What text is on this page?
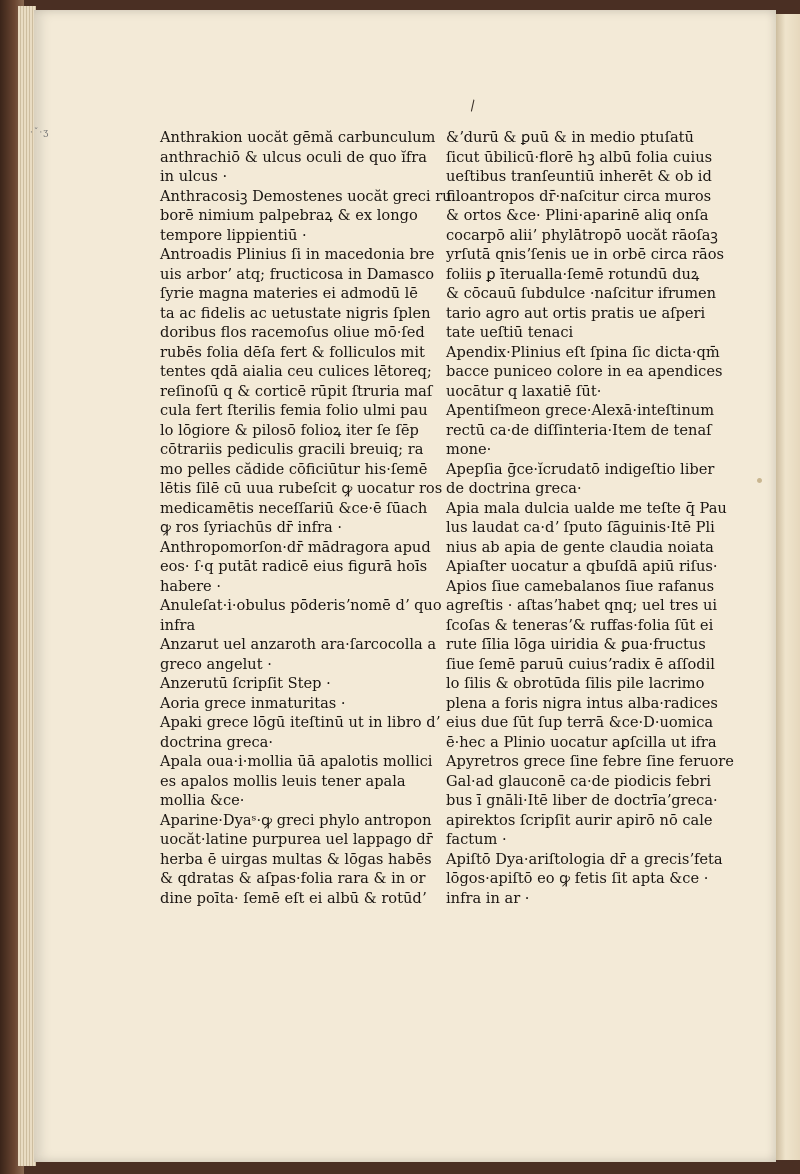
·ˇ·ʒ
\
Anthrakion uocăt gēmă carbunculum
anthrachiō & ulcus oculi de quo ĭfra
in ulcus ·
Anthracosiꝫ Demostenes uocăt greci ru
borē nimium palpebraꝝ & ex longo
tempore lippientiū ·
Antroadis Plinius ſi in macedonia bre
uis arborʼ atq; fructicosa in Damasco
ſyrie magna materies ei admodū lē
ta ac fidelis ac uetustate nigris ſplen
doribus flos racemoſus oliue mō·ſed
rubēs folia dēſa fert & folliculos mit
tentes qdā aialia ceu culices lētoreq;
reſinoſū q & corticē rūpit ſtruria maſ
cula fert ſterilis femia folio ulmi pau
lo lōgiore & pilosō folioꝝ iter ſe ſēp
cōtrariis pediculis gracili breuiq; ra
mo pelles cădide cōficiūtur his·ſemē
lētis ſilē cū uua rubeſcit ꝙ uocatur ros
medicamētis neceſſariū &ce·ē ſūach
ꝙ ros ſyriachūs dr̄ infra ·
Anthropomorſon·dr̄ mādragora apud
eos· ſ·q putāt radicē eius figurā hoīs
habere ·
Anuleſat·i·obulus pōderisʼnomē dʼ quo
infra
Anzarut uel anzaroth ara·ſarcocolla a
greco angelut ·
Anzerutū ſcripſit Step ·
Aoria grece inmaturitas ·
Apaki grece lōgū iteſtinū ut in libro dʼ
doctrina greca·
Apala oua·i·mollia ūā apalotis mollici
es apalos mollis leuis tener apala
mollia &ce·
Aparine·Dyaˢ·ꝙ greci phylo antropon
uocăt·latine purpurea uel lappago dr̄
herba ē uirgas multas & lōgas habēs
& qdratas & aſpas·folia rara & in or
dine poīta· ſemē eſt ei albū & rotūdʼ
&ʼdurū & ꝑuū & in medio ptuſatū
ſicut ūbilicū·florē hꝫ albū folia cuius
ueſtibus tranſeuntiū inherēt & ob id
filoantropos dr̄·naſcitur circa muros
& ortos &ce· Plini·aparinē aliq onſa
cocarpō aliiʼ phylātropō uocăt rāoſaꝫ
yrſutā qnisʼſenis ue in orbē circa rāos
foliis ꝑ īterualla·ſemē rotundū duꝝ
& cōcauū ſubdulce ·naſcitur ifrumen
tario agro aut ortis pratis ue aſperi
tate ueſtiū tenaci
Apendix·Plinius eſt ſpina ſic dicta·qm̄
bacce puniceo colore in ea apendices
uocātur q laxatiē ſūt·
Apentiſmeon grece·Alexā·inteſtinum
rectū ca·de diſſinteria·Item de tenaſ
mone·
Apepſia ḡce·ĭcrudatō indigeſtio liber
de doctrina greca·
Apia mala dulcia ualde me teſte q̄ Pau
lus laudat ca·dʼ ſputo ſāguinis·Itē Pli
nius ab apia de gente claudia noiata
Apiaſter uocatur a qbuſdā apiū riſus·
Apios ſiue camebalanos ſiue rafanus
agreſtis · aſtasʼhabet qnq; uel tres ui
ſcoſas & tenerasʼ& ruffas·folia ſūt ei
rute ſīlia lōga uiridia & ꝑua·fructus
ſiue ſemē paruū cuiusʼradix ē aſſodil
lo ſilis & obrotūda ſilis pile lacrimo
plena a foris nigra intus alba·radices
eius due ſūt ſup terrā &ce·D·uomica
ē·hec a Plinio uocatur aꝑſcilla ut ifra
Apyretros grece ſine febre ſine feruore
Gal·ad glauconē ca·de piodicis febri
bus ī gnāli·Itē liber de doctrīaʼgreca·
apirektos ſcripſit aurir apirō nō cale
factum ·
Apiſtō Dya·ariſtologia dr̄ a grecisʼfeta
lōgos·apiſtō eo ꝙ fetis ſit apta &ce ·
infra in ar ·
